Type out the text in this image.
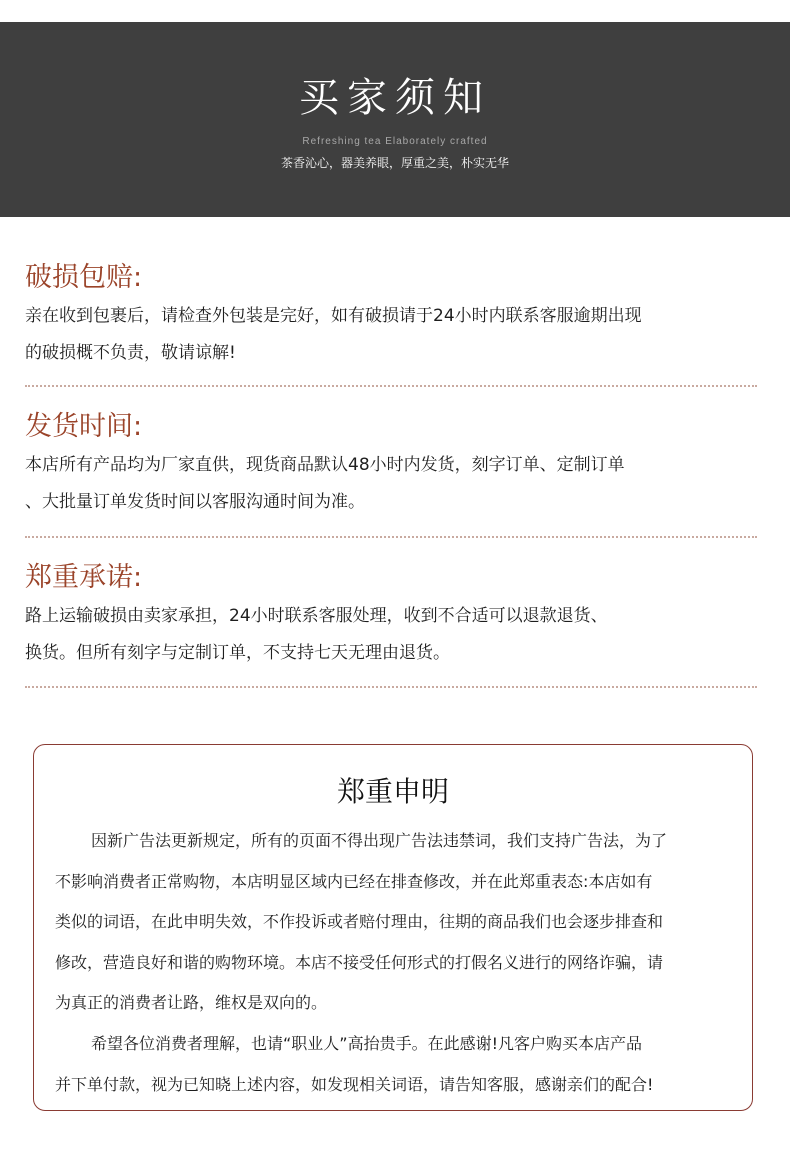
买家须知
Refreshing tea Elaborately crafted
茶香沁心，器美养眼，厚重之美，朴实无华
破损包赔:
亲在收到包裹后，请检查外包装是完好，如有破损请于24小时内联系客服逾期出现
的破损概不负责，敬请谅解!
发货时间:
本店所有产品均为厂家直供，现货商品默认48小时内发货，刻字订单、定制订单
、大批量订单发货时间以客服沟通时间为准。
郑重承诺:
路上运输破损由卖家承担，24小时联系客服处理，收到不合适可以退款退货、
换货。但所有刻字与定制订单，不支持七天无理由退货。
郑重申明
因新广告法更新规定，所有的页面不得出现广告法违禁词，我们支持广告法，为了
不影响消费者正常购物，本店明显区域内已经在排查修改，并在此郑重表态:本店如有
类似的词语，在此申明失效，不作投诉或者赔付理由，往期的商品我们也会逐步排查和
修改，营造良好和谐的购物环境。本店不接受任何形式的打假名义进行的网络诈骗，请
为真正的消费者让路，维权是双向的。
希望各位消费者理解，也请“职业人”高抬贵手。在此感谢!凡客户购买本店产品
并下单付款，视为已知晓上述内容，如发现相关词语，请告知客服，感谢亲们的配合!
